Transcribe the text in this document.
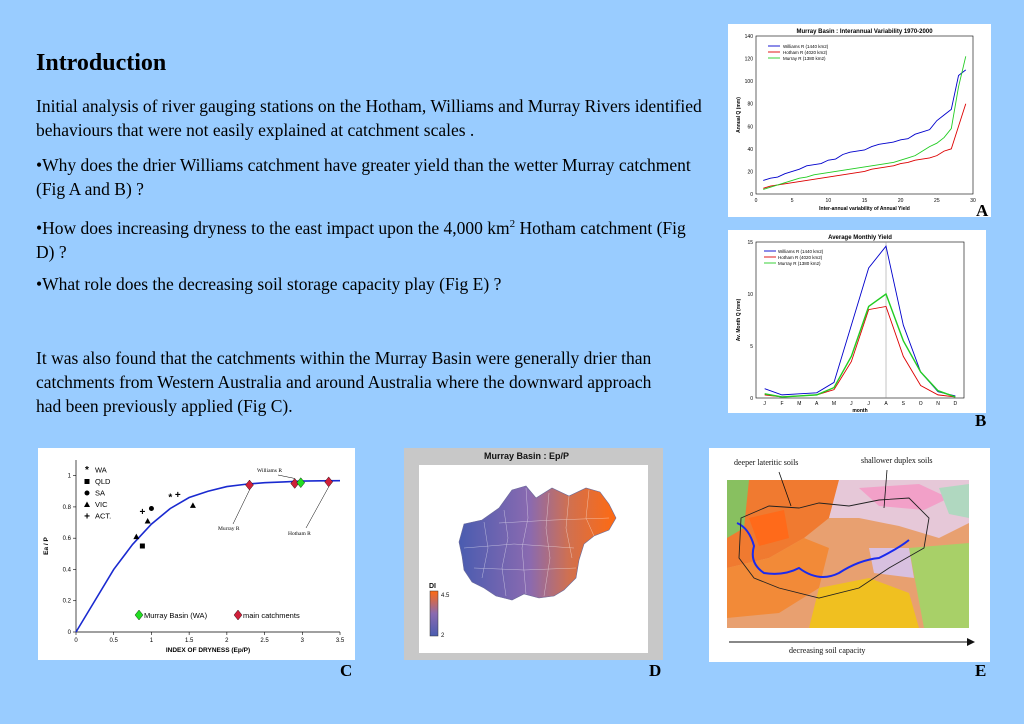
Introduction

Initial analysis of river gauging stations on the Hotham, Williams and Murray Rivers identified behaviours that were not easily explained at catchment scales .

•Why does the drier Williams catchment have greater yield than the wetter Murray catchment (Fig A and B) ?

•How does increasing dryness to the east impact upon the 4,000 $km^2$ Hotham catchment (Fig D) ?

•What role does the decreasing soil storage capacity play (Fig E) ?

It was also found that the catchments within the Murray Basin were generally drier than catchments from Western Australia and around Australia where the downward approach had been previously applied (Fig C).

Murray Basin : Interannual Variability 1970-2000
0	5	10	15	20	25	30
0
20
40
60
80
100
120
140
Inter-annual variability of Annual Yield
Annual Q (mm)
Williams R (1440 km2)
Hotham R (4020 km2)
Murray R (1380 km2)
A
Average Monthly Yield
J	F	M	A	M	J	J	A	S	O	N	D
0
5
10
15
month
Av. Month Q (mm)
Williams R (1440 km2)
Hotham R (4020 km2)
Murray R (1380 km2)
B
0	0.5	1	1.5	2	2.5	3	3.5
0
0.2
0.4
0.6
0.8
1
INDEX OF DRYNESS (Ep/P)
Ea / P
+
*
+
* WA
QLD
SA
VIC
+ ACT.
Murray Basin (WA)	main catchments
Williams R
Murray R
Hotham R
C
Murray Basin : Ep/P
DI
4.5
2
D
deeper lateritic soils	shallower duplex soils
decreasing soil capacity
E
